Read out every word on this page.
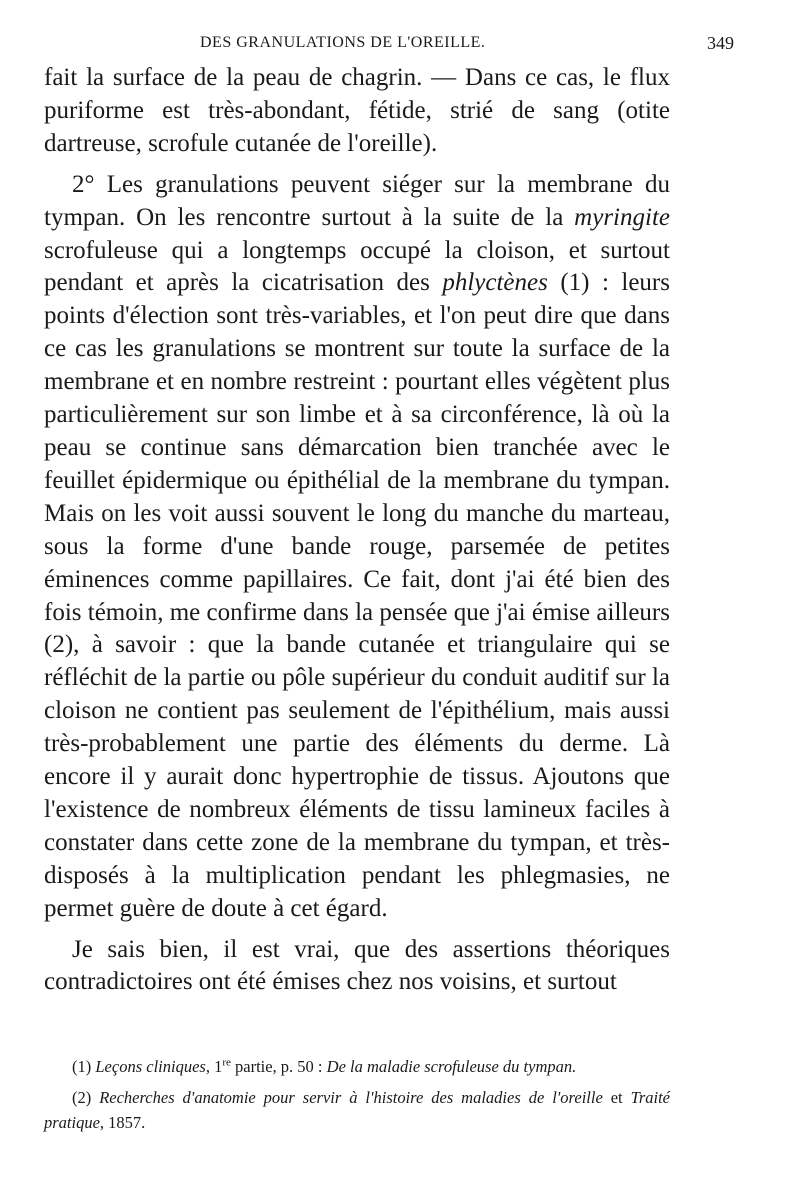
DES GRANULATIONS DE L'OREILLE.	349

fait la surface de la peau de chagrin. — Dans ce cas, le flux puriforme est très-abondant, fétide, strié de sang (otite dartreuse, scrofule cutanée de l'oreille).

2° Les granulations peuvent siéger sur la membrane du tympan. On les rencontre surtout à la suite de la myringite scrofuleuse qui a longtemps occupé la cloison, et surtout pendant et après la cicatrisation des phlyctènes (1) : leurs points d'élection sont très-variables, et l'on peut dire que dans ce cas les granulations se montrent sur toute la surface de la membrane et en nombre restreint : pourtant elles végètent plus particulièrement sur son limbe et à sa circonférence, là où la peau se continue sans démarcation bien tranchée avec le feuillet épidermique ou épithélial de la membrane du tympan. Mais on les voit aussi souvent le long du manche du marteau, sous la forme d'une bande rouge, parsemée de petites éminences comme papillaires. Ce fait, dont j'ai été bien des fois témoin, me confirme dans la pensée que j'ai émise ailleurs (2), à savoir : que la bande cutanée et triangulaire qui se réfléchit de la partie ou pôle supérieur du conduit auditif sur la cloison ne contient pas seulement de l'épithélium, mais aussi très-probablement une partie des éléments du derme. Là encore il y aurait donc hypertrophie de tissus. Ajoutons que l'existence de nombreux éléments de tissu lamineux faciles à constater dans cette zone de la membrane du tympan, et très-disposés à la multiplication pendant les phlegmasies, ne permet guère de doute à cet égard.

Je sais bien, il est vrai, que des assertions théoriques contradictoires ont été émises chez nos voisins, et surtout

(1) Leçons cliniques, 1re partie, p. 50 : De la maladie scrofuleuse du tympan.

(2) Recherches d'anatomie pour servir à l'histoire des maladies de l'oreille et Traité pratique, 1857.
